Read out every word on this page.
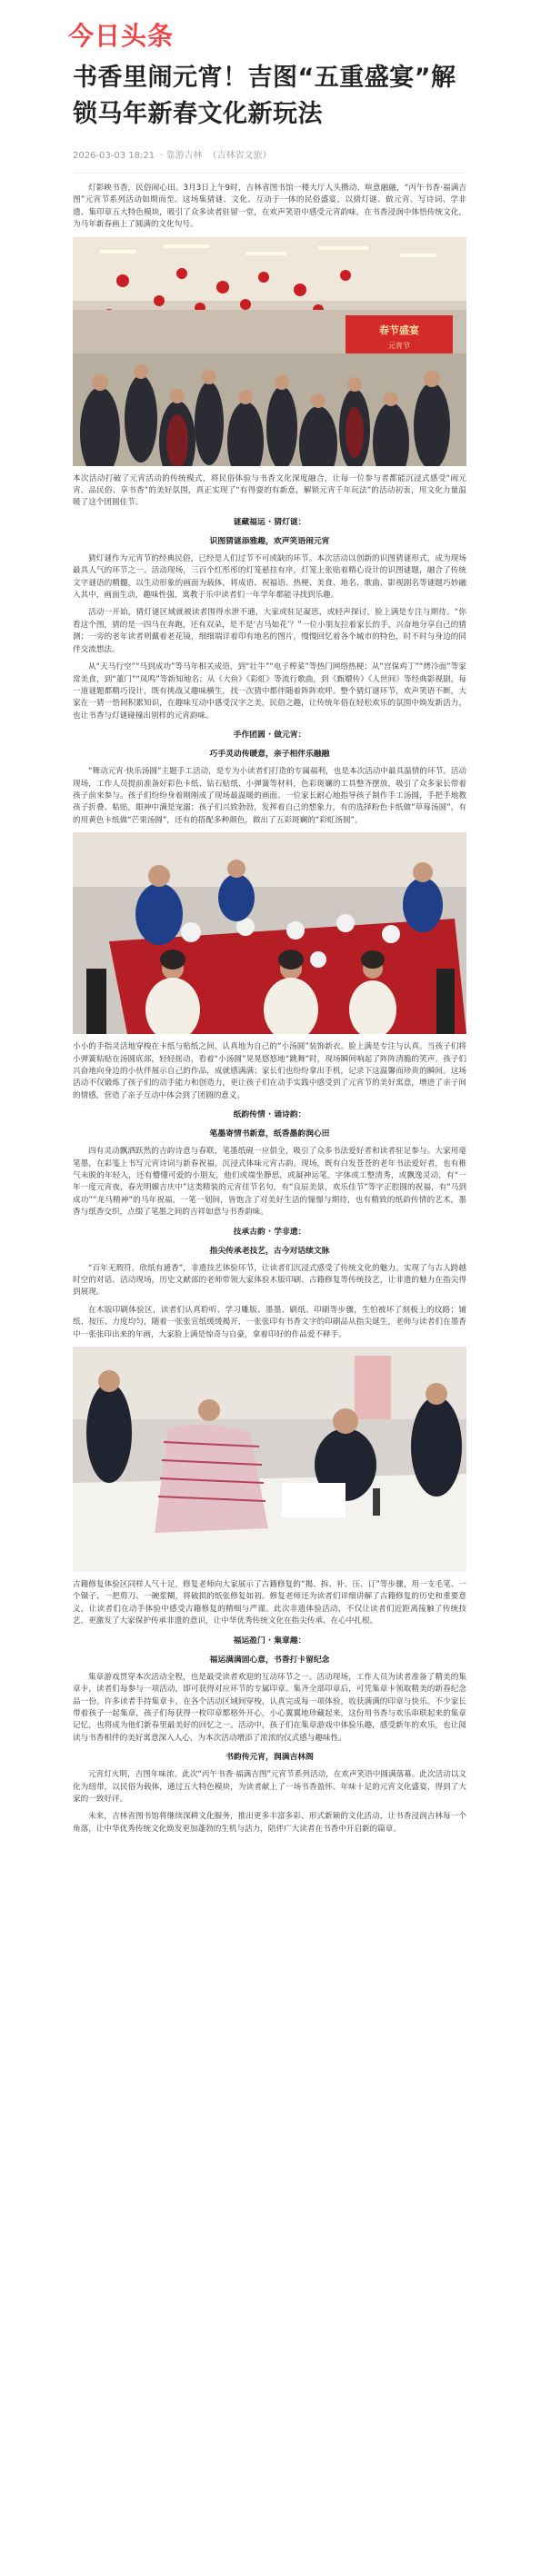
今日头条
书香里闹元宵！吉图“五重盛宴”解锁马年新春文化新玩法
2026-03-03 18:21 · 靠游吉林 （吉林省文旅）

灯影映书香，民俗闹心田。3月3日上午9时，吉林省图书馆一楼大厅人头攒动、喧意融融，“丙午书香·福满吉图”元宵节系列活动如期而至。这场集猜谜、文化、互动于一体的民俗盛宴，以猜灯谜、做元宵、写诗词、学非遗、集印章五大特色模块，吸引了众多读者驻留一堂，在欢声笑语中感受元宵韵味，在书香浸润中体悟传统文化，为马年新春画上了圆满的文化句号。

春节盛宴
元宵节

本次活动打破了元宵活动的传统模式，将民俗体验与书香文化深度融合，让每一位参与者都能沉浸式感受“闹元宵、品民俗、享书香”的美好氛围，真正实现了“有得耍的有新意，解锁元宵千年玩法”的活动初衷，用文化力量温暖了这个团圆佳节。

谜藏福运 · 猜灯谜：
识图猜谜添雅趣，欢声笑语闹元宵

猜灯谜作为元宵节的经典民俗，已经是人们过节不可或缺的环节。本次活动以创新的识图猜谜形式，成为现场最具人气的环节之一。活动现场，三百个红彤彤的灯笼悬挂有序，灯笼上张贴着精心设计的识图谜题，融合了传统文字谜语的精髓，以生动形象的画面为载体，将成语、祝福语、热梗、美食、地名、歌曲、影视剧名等谜题巧妙融入其中，画面生动，趣味性强，寓教于乐中读者们一年学年都能寻找到乐趣。

活动一开始，猜灯谜区域就被读者围得水泄不通，大家或驻足凝思，或轻声探讨，脸上满是专注与期待。“你看这个图，猜的是一四马在奔跑，还有双朵，是不是‘吉马如花’？”一位小朋友拉着家长的手，兴奋地分享自己的猜测；一旁的老年读者则戴着老花镜，细细端详着印有地名的图片，慢慢回忆着各个城市的特色，时不时与身边的同伴交流想法。

从“天马行空”“马到成功”等马年相关成语，到“壮牛”“电子榨菜”等热门网络热梗；从“宫保鸡丁”“烤冷面”等家常美食，到“董门”“凤鸣”等新知地名；从《大鱼》《彩虹》等流行歌曲，到《甄嬛传》《人世间》等经典影视剧，每一道谜题都精巧设计，既有挑战又趣味横生，找一次猜中都伴随着阵阵欢呼。整个猜灯谜环节，欢声笑语不断，大家在一猜一悟间积累知识，在趣味互动中感受汉字之美，民俗之趣，让传统年俗在轻松欢乐的氛围中焕发新活力，也让书香与灯谜碰撞出别样的元宵韵味。

手作团圆 · 做元宵：
巧手灵动传暖意，亲子相伴乐融融

“舞动元宵·快乐汤圆”主题手工活动，是专为小读者们打造的专属福利，也是本次活动中最具温情的环节。活动现场，工作人员提前准备好彩色卡纸、钻石贴纸、小弹簧等材料，色彩斑斓的工具整齐摆放，吸引了众多家长带着孩子前来参与。孩子们纷纷身着刚刚成了现场最温暖的画面。一位家长耐心地指导孩子制作手工汤圆，手把手地教孩子折叠、粘贴，眼神中满是宠溺；孩子们兴致勃勃，发挥着自己的想象力，有的选择粉色卡纸做“草莓汤圆”，有的用黄色卡纸做“芒果汤圆”，还有的搭配多种颜色，做出了五彩斑斓的“彩虹汤圆”。

小小的手指灵活地穿梭在卡纸与贴纸之间，认真地为自己的“小汤圆”装饰新衣。脸上满是专注与认真。当孩子们将小弹簧粘贴在汤圆底部，轻轻摇动，看着“小汤圆”晃晃悠悠地“跳舞”时，现场瞬间响起了阵阵清脆的笑声。孩子们兴奋地向身边的小伙伴展示自己的作品，成就感满满；家长们也纷纷拿出手机，记录下这温馨而珍贵的瞬间。这场活动不仅锻炼了孩子们的动手能力和创造力，更让孩子们在动手实践中感受到了元宵节的美好寓意，增进了亲子间的情感，营造了亲子互动中体会到了团圆的意义。

纸韵传情 · 诵诗韵：
笔墨寄情书新意，纸香墨韵润心田

四有灵动飘洒跃然的吉韵诗意与春联，笔墨纸砚一应俱全，吸引了众多书法爱好者和读者驻足参与。大家用毫笔墨，在彩笺上书写元宵诗词与新春祝福，沉浸式体味元宵古韵。现场，既有白发苍苍的老年书法爱好者，也有稚气未脱的年轻人，还有懵懂可爱的小朋友，他们或端坐静思，或凝神运笔，字体或工整清秀，或飘逸灵动，有“一年一度元宵夜，春光明媚吉庆中”这类精装的元宵佳节名句，有“良辰美景，欢乐佳节”等字正腔圆的祝福，有“马到成功”“龙马精神”的马年祝福，一笔一划间，皆饱含了对美好生活的憧憬与期待，也有精致的纸韵传情的艺术，墨香与纸香交织，点缀了笔墨之间的吉祥如意与书香韵味。

技承古韵 · 学非遗：
指尖传承老技艺，古今对话续文脉

“百年无瑕符，欣纸有通香”，非遗技艺体验环节，让读者们沉浸式感受了传统文化的魅力。实现了与古人跨越时空的对话。活动现场，历史文献部的老师带领大家体验木版印刷、古籍修复等传统技艺，让非遗的魅力在指尖得到展现。

在木版印刷体验区，读者们认真聆听、学习雕版、墨墨、刷纸、印刷等步骤，生怕被坏了刻板上的纹路；铺纸、按压、力度均匀，随着一张张宣纸缓缓揭开，一张张印有书香文字的印刷品从指尖诞生，老师与读者们在墨香中一张张印出来的年画，大家脸上满是惊奇与自豪，拿着印好的作品爱不释手。

古籍修复体验区同样人气十足，修复老师向大家展示了古籍修复的“揭、拆、补、压、订”等步骤，用一支毛笔、一个镊子、一把剪刀、一碗浆糊，将破损的纸张修复如初。修复老师还为读者们详细讲解了古籍修复的历史和重要意义，让读者们在动手体验中感受古籍修复的精细与严谨。此次非遗体验活动，不仅让读者们近距离接触了传统技艺，更激发了大家保护传承非遗的意识，让中华优秀传统文化在指尖传承、在心中扎根。

福运盈门 · 集章趣：
福运满满固心意，书香打卡留纪念

集章游戏贯穿本次活动全程，也是最受读者欢迎的互动环节之一。活动现场，工作人员为读者准备了精美的集章卡，读者们每参与一项活动，即可获得对应环节的专属印章。集齐全部印章后，可凭集章卡领取精美的新春纪念品一份。许多读者手持集章卡，在各个活动区域间穿梭，认真完成每一项体验，收获满满的印章与快乐。不少家长带着孩子一起集章，孩子们每获得一枚印章都格外开心，小心翼翼地珍藏起来，这份用书香与欢乐串联起来的集章记忆，也将成为他们新春里最美好的回忆之一。活动中，孩子们在集章游戏中体验乐趣，感受新年的欢乐，也让阅读与书香相伴的美好寓意深入人心，为本次活动增添了浓浓的仪式感与趣味性。

书韵传元宵，润满吉林阁

元宵灯火明，吉图年味浓。此次“丙午书香·福满吉图”元宵节系列活动，在欢声笑语中圆满落幕。此次活动以文化为纽带，以民俗为载体，通过五大特色模块，为读者献上了一场书香盈怀、年味十足的元宵文化盛宴，得到了大家的一致好评。

未来，吉林省图书馆将继续深耕文化服务，推出更多丰富多彩、形式新颖的文化活动，让书香浸润吉林每一个角落，让中华优秀传统文化焕发更加蓬勃的生机与活力，陪伴广大读者在书香中开启新的篇章。
